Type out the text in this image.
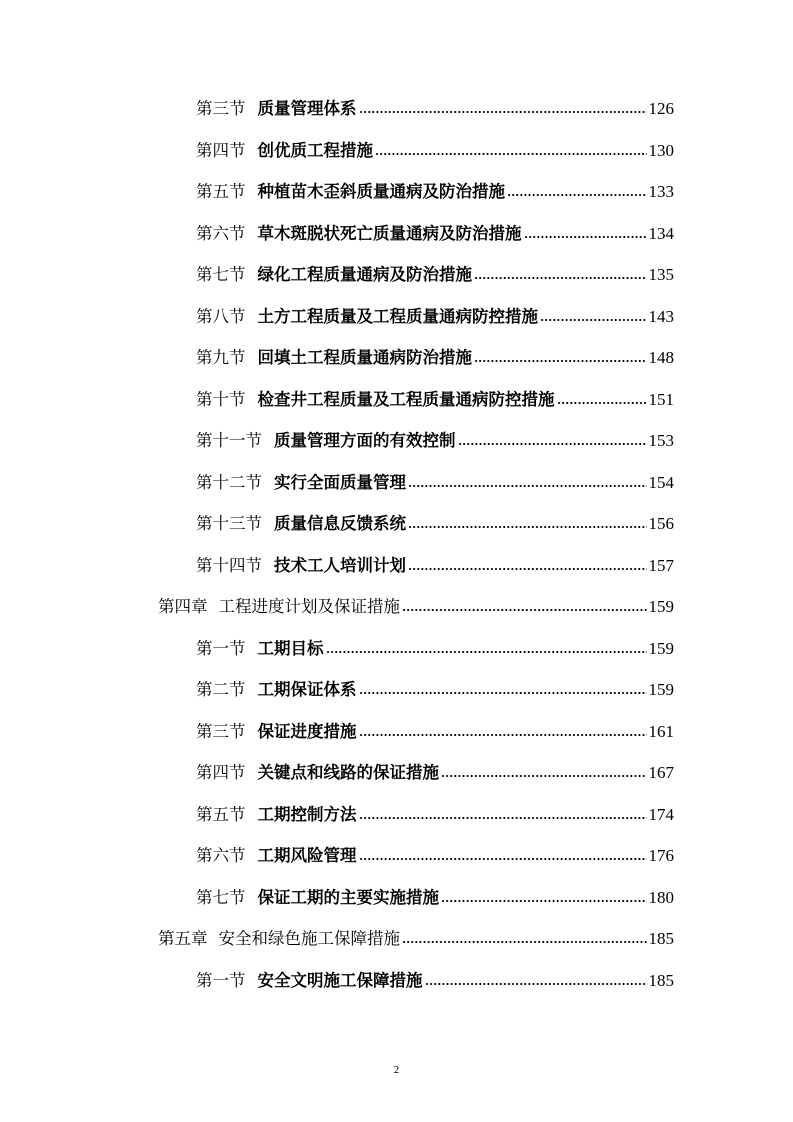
第三节 质量管理体系	126
第四节 创优质工程措施	130
第五节 种植苗木歪斜质量通病及防治措施	133
第六节 草木斑脱状死亡质量通病及防治措施	134
第七节 绿化工程质量通病及防治措施	135
第八节 土方工程质量及工程质量通病防控措施	143
第九节 回填土工程质量通病防治措施	148
第十节 检查井工程质量及工程质量通病防控措施	151
第十一节 质量管理方面的有效控制	153
第十二节 实行全面质量管理	154
第十三节 质量信息反馈系统	156
第十四节 技术工人培训计划	157
第四章 工程进度计划及保证措施	159
第一节 工期目标	159
第二节 工期保证体系	159
第三节 保证进度措施	161
第四节 关键点和线路的保证措施	167
第五节 工期控制方法	174
第六节 工期风险管理	176
第七节 保证工期的主要实施措施	180
第五章 安全和绿色施工保障措施	185
第一节 安全文明施工保障措施	185
2
